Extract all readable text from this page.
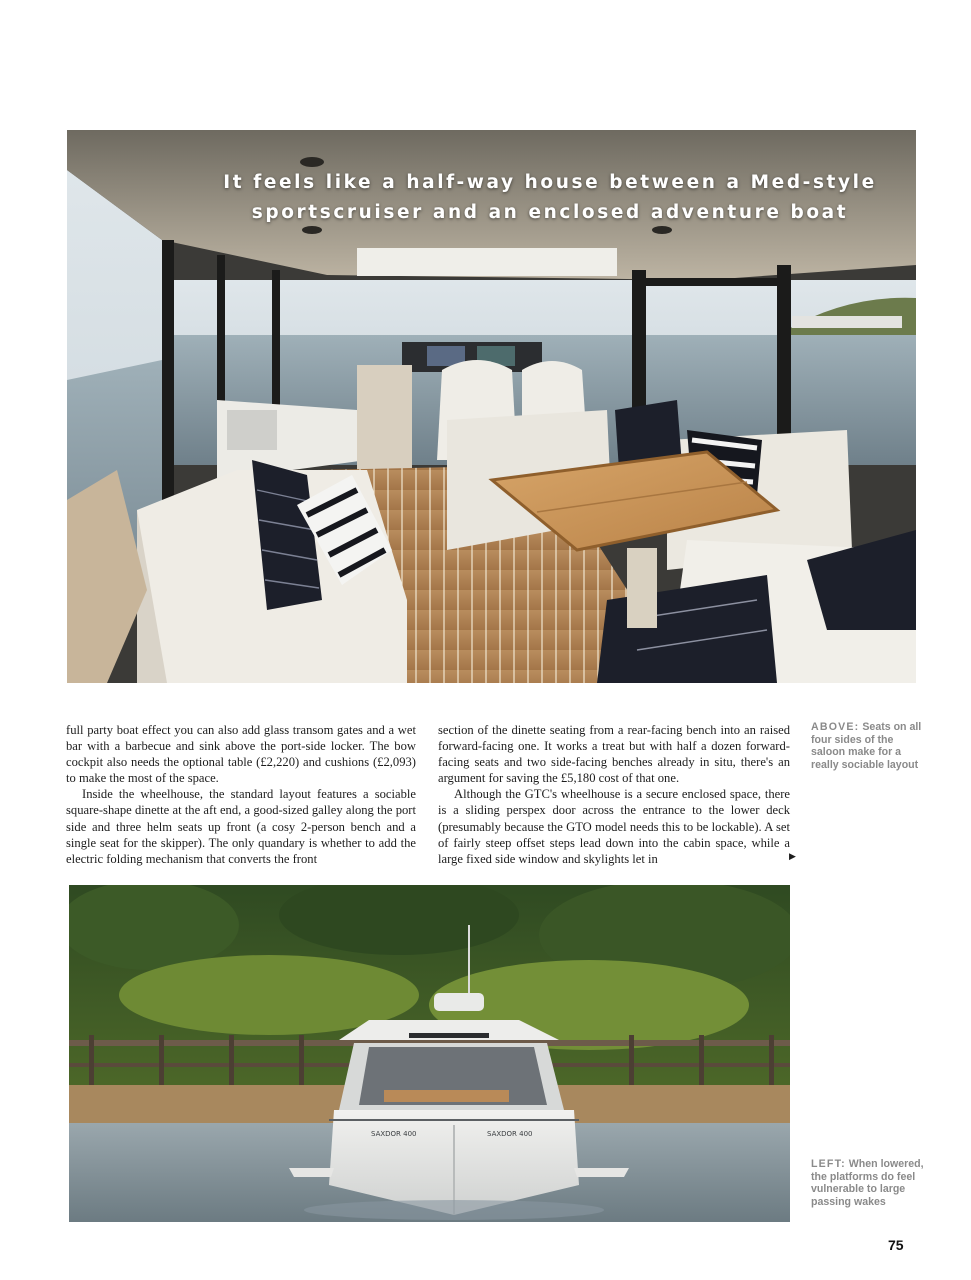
It feels like a half-way house between a Med-style
sportscruiser and an enclosed adventure boat

full party boat effect you can also add glass transom gates and a wet bar with a barbecue and sink above the port-side locker. The bow cockpit also needs the optional table (£2,220) and cushions (£2,093) to make the most of the space.

Inside the wheelhouse, the standard layout features a sociable square-shape dinette at the aft end, a good-sized galley along the port side and three helm seats up front (a cosy 2-person bench and a single seat for the skipper). The only quandary is whether to add the electric folding mechanism that converts the front

section of the dinette seating from a rear-facing bench into an raised forward-facing one. It works a treat but with half a dozen forward-facing seats and two side-facing benches already in situ, there's an argument for saving the £5,180 cost of that one.

Although the GTC's wheelhouse is a secure enclosed space, there is a sliding perspex door across the entrance to the lower deck (presumably because the GTO model needs this to be lockable). A set of fairly steep offset steps lead down into the cabin space, while a large fixed side window and skylights let in	▶
ABOVE: Seats on all four sides of the saloon make for a really sociable layout
SAXDOR 400	SAXDOR 400
LEFT: When lowered, the platforms do feel vulnerable to large passing wakes
75
